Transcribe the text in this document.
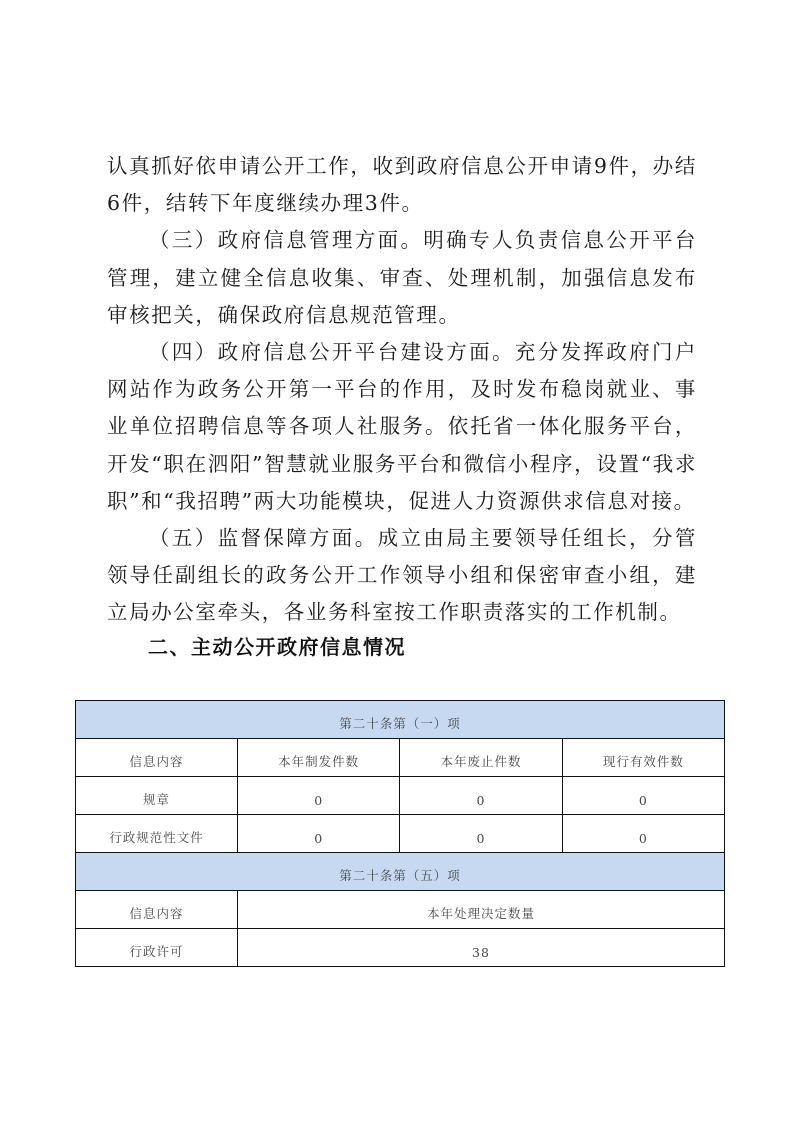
认真抓好依申请公开工作，收到政府信息公开申请9件，办结6件，结转下年度继续办理3件。

（三）政府信息管理方面。明确专人负责信息公开平台管理，建立健全信息收集、审查、处理机制，加强信息发布审核把关，确保政府信息规范管理。

（四）政府信息公开平台建设方面。充分发挥政府门户网站作为政务公开第一平台的作用，及时发布稳岗就业、事业单位招聘信息等各项人社服务。依托省一体化服务平台，开发“职在泗阳”智慧就业服务平台和微信小程序，设置“我求职”和“我招聘”两大功能模块，促进人力资源供求信息对接。

（五）监督保障方面。成立由局主要领导任组长，分管领导任副组长的政务公开工作领导小组和保密审查小组，建立局办公室牵头，各业务科室按工作职责落实的工作机制。

二、主动公开政府信息情况
第二十条第（一）项			
信息内容	本年制发件数	本年废止件数	现行有效件数
规章	0	0	0
行政规范性文件	0	0	0
第二十条第（五）项			
信息内容	本年处理决定数量		
行政许可	38		
